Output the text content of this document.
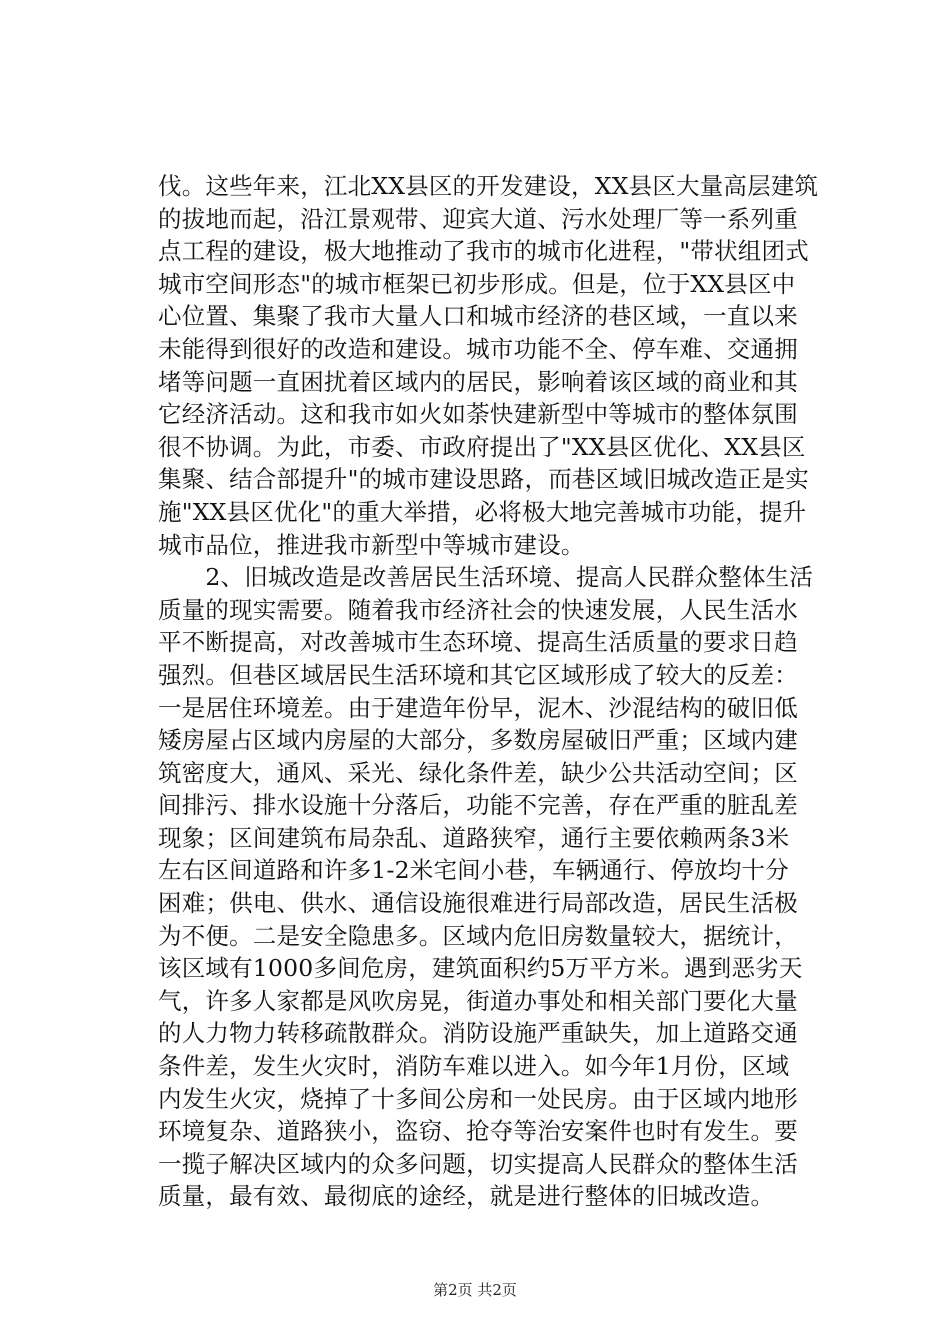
伐。这些年来，江北XX县区的开发建设，XX县区大量高层建筑
的拔地而起，沿江景观带、迎宾大道、污水处理厂等一系列重
点工程的建设，极大地推动了我市的城市化进程，"带状组团式
城市空间形态"的城市框架已初步形成。但是，位于XX县区中
心位置、集聚了我市大量人口和城市经济的巷区域，一直以来
未能得到很好的改造和建设。城市功能不全、停车难、交通拥
堵等问题一直困扰着区域内的居民，影响着该区域的商业和其
它经济活动。这和我市如火如荼快建新型中等城市的整体氛围
很不协调。为此，市委、市政府提出了"XX县区优化、XX县区
集聚、结合部提升"的城市建设思路，而巷区域旧城改造正是实
施"XX县区优化"的重大举措，必将极大地完善城市功能，提升
城市品位，推进我市新型中等城市建设。
　　2、旧城改造是改善居民生活环境、提高人民群众整体生活
质量的现实需要。随着我市经济社会的快速发展，人民生活水
平不断提高，对改善城市生态环境、提高生活质量的要求日趋
强烈。但巷区域居民生活环境和其它区域形成了较大的反差：
一是居住环境差。由于建造年份早，泥木、沙混结构的破旧低
矮房屋占区域内房屋的大部分，多数房屋破旧严重；区域内建
筑密度大，通风、采光、绿化条件差，缺少公共活动空间；区
间排污、排水设施十分落后，功能不完善，存在严重的脏乱差
现象；区间建筑布局杂乱、道路狭窄，通行主要依赖两条3米
左右区间道路和许多1-2米宅间小巷，车辆通行、停放均十分
困难；供电、供水、通信设施很难进行局部改造，居民生活极
为不便。二是安全隐患多。区域内危旧房数量较大，据统计，
该区域有1000多间危房，建筑面积约5万平方米。遇到恶劣天
气，许多人家都是风吹房晃，街道办事处和相关部门要化大量
的人力物力转移疏散群众。消防设施严重缺失，加上道路交通
条件差，发生火灾时，消防车难以进入。如今年1月份，区域
内发生火灾，烧掉了十多间公房和一处民房。由于区域内地形
环境复杂、道路狭小，盗窃、抢夺等治安案件也时有发生。要
一揽子解决区域内的众多问题，切实提高人民群众的整体生活
质量，最有效、最彻底的途经，就是进行整体的旧城改造。
第2页 共2页
